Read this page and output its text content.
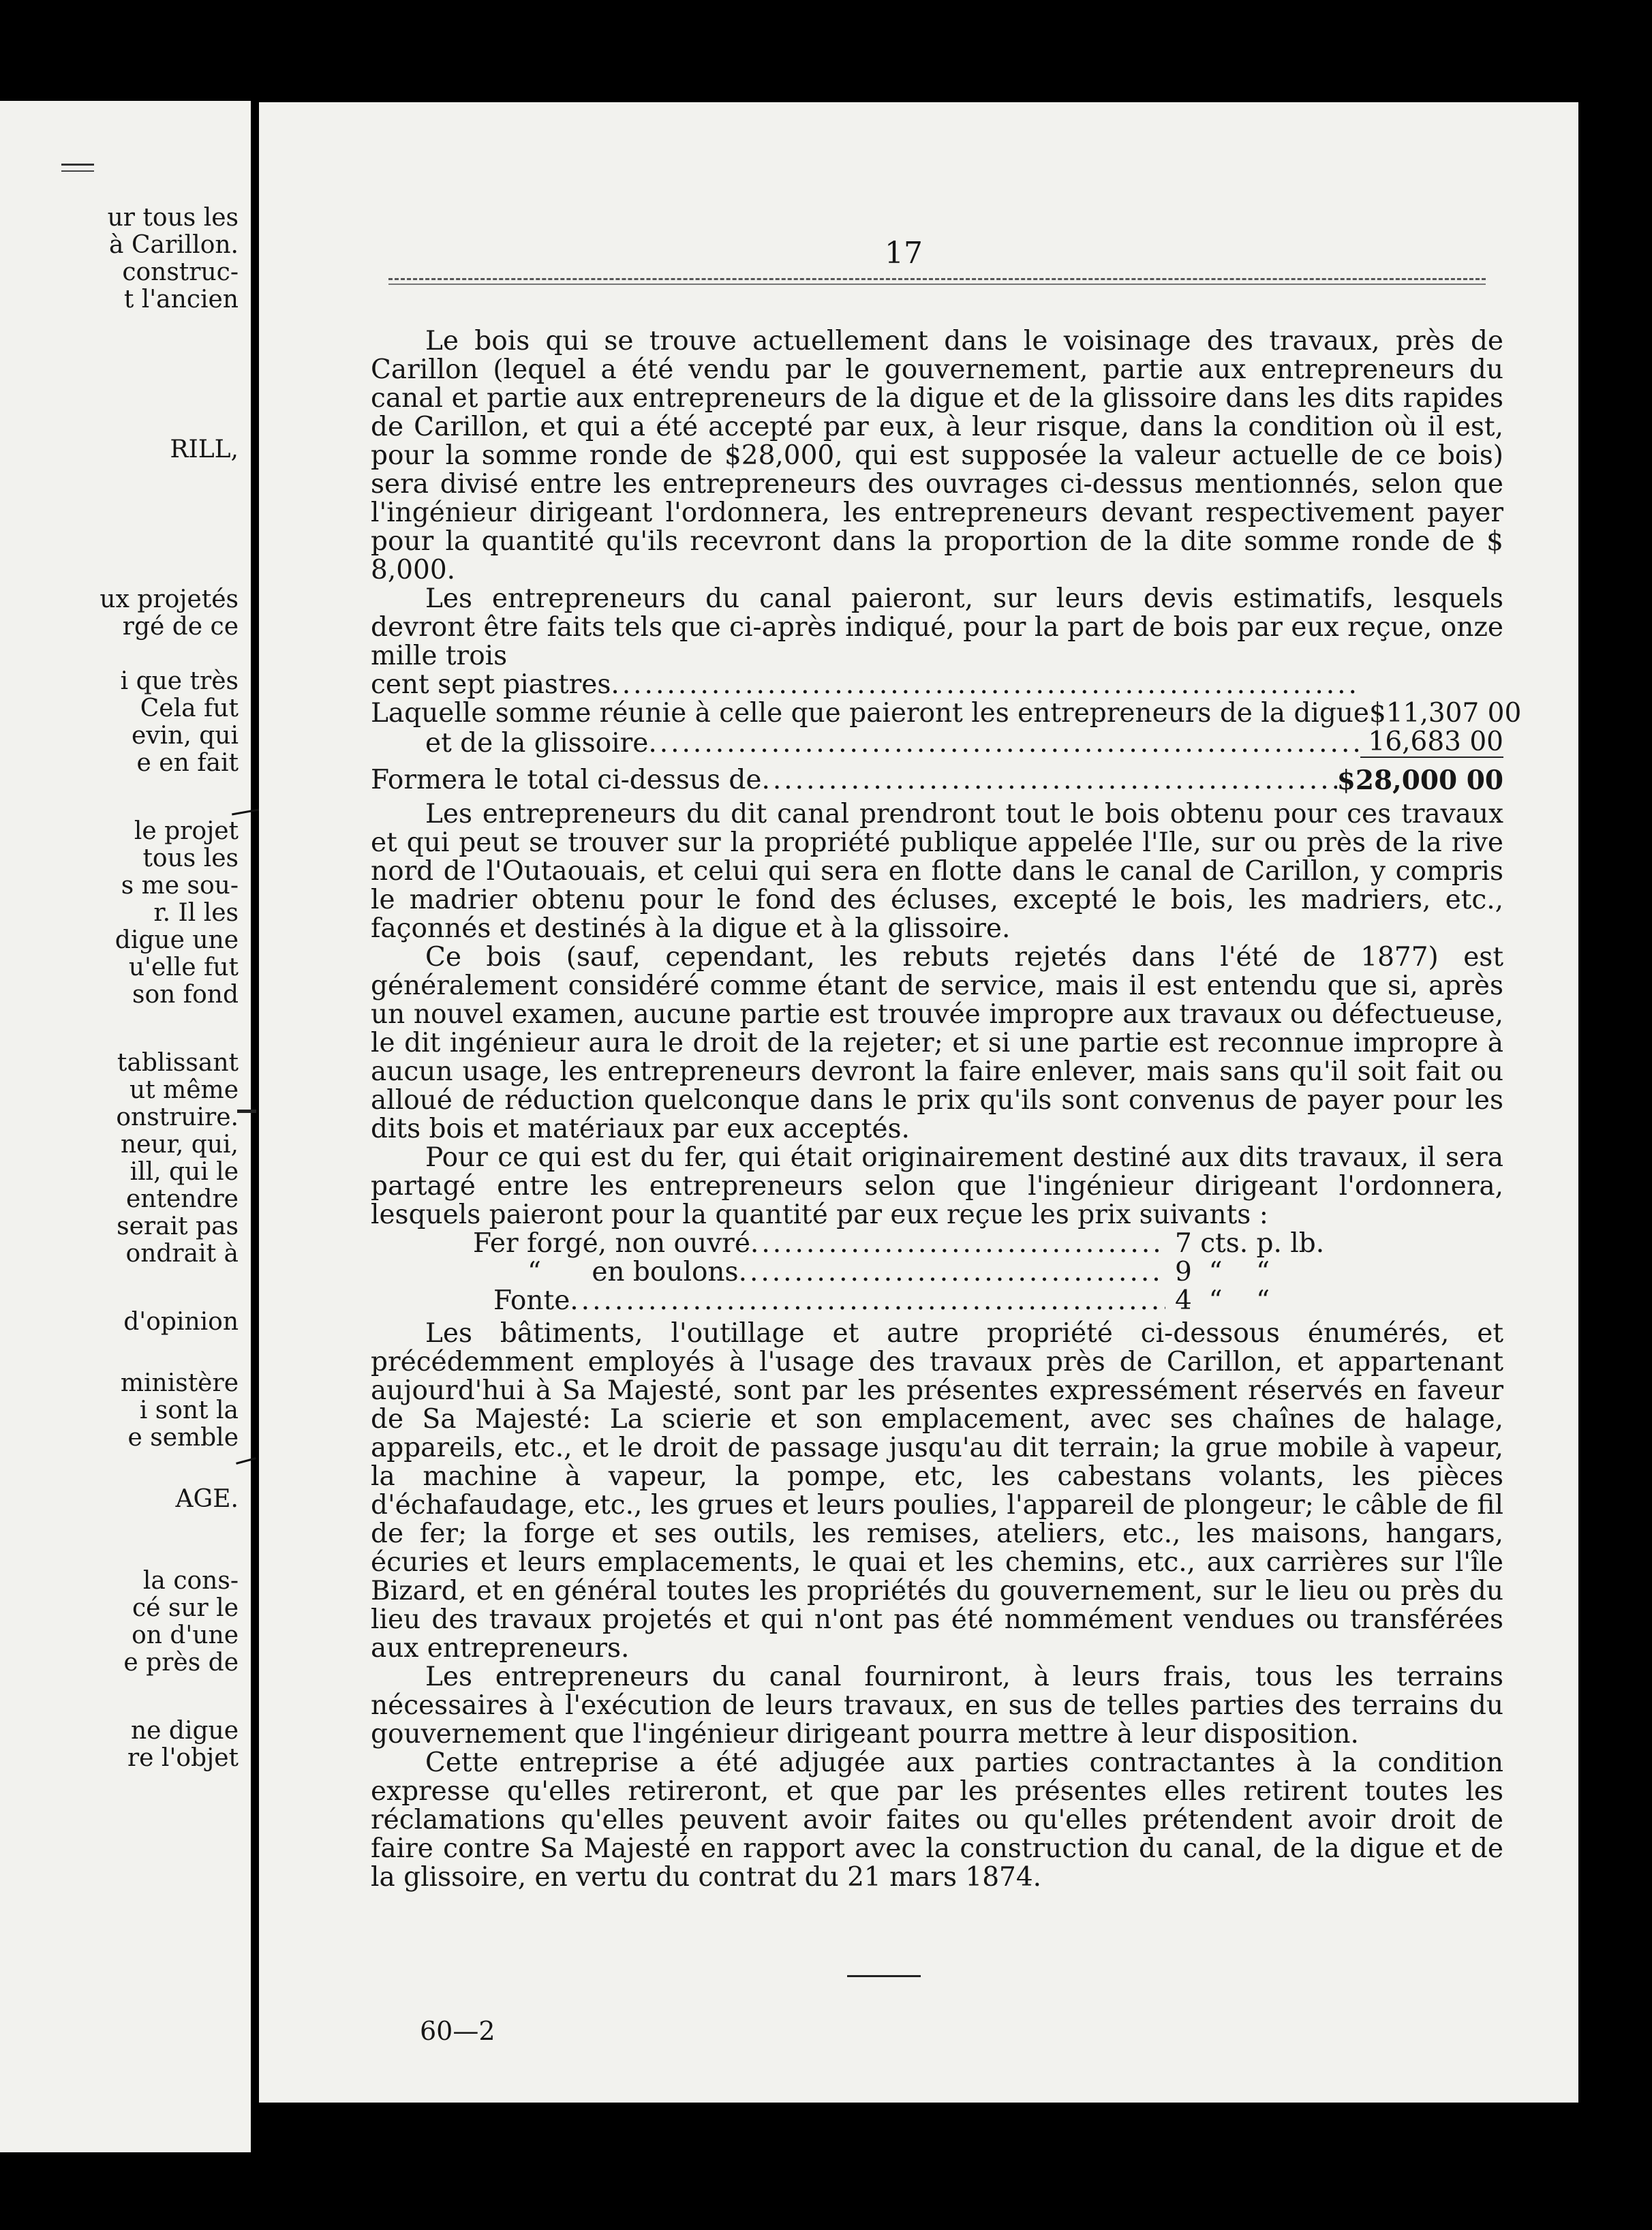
ur tous les
à Carillon.
construc-
t l'ancien
RILL,
ux projetés
rgé de ce
i que très
Cela fut
evin, qui
e en fait
le projet
tous les
s me sou-
r. Il les
digue une
u'elle fut
son fond
tablissant
ut même
onstruire.
neur, qui,
ill, qui le
entendre
serait pas
ondrait à
d'opinion
ministère
i sont la
e semble
AGE.
la cons-
cé sur le
on d'une
e près de
ne digue
re l'objet
17

Le bois qui se trouve actuellement dans le voisinage des travaux, près de Carillon (lequel a été vendu par le gouvernement, partie aux entrepreneurs du canal et partie aux entrepreneurs de la digue et de la glissoire dans les dits rapides de Carillon, et qui a été accepté par eux, à leur risque, dans la condition où il est, pour la somme ronde de $28,000, qui est supposée la valeur actuelle de ce bois) sera divisé entre les entrepreneurs des ouvrages ci-dessus mentionnés, selon que l'ingénieur dirigeant l'ordonnera, les entrepreneurs devant respectivement payer pour la quantité qu'ils recevront dans la proportion de la dite somme ronde de $ 8,000.

Les entrepreneurs du canal paieront, sur leurs devis estimatifs, lesquels devront être faits tels que ci-après indiqué, pour la part de bois par eux reçue, onze mille trois

cent sept piastres
.....
Laquelle somme réunie à celle que paieront les entrepreneurs de la digue $11,307 00
et de la glissoire .....	16,683 00
Formera le total ci-dessus de .....	$28,000 00

Les entrepreneurs du dit canal prendront tout le bois obtenu pour ces travaux et qui peut se trouver sur la propriété publique appelée l'Ile, sur ou près de la rive nord de l'Outaouais, et celui qui sera en flotte dans le canal de Carillon, y compris le madrier obtenu pour le fond des écluses, excepté le bois, les madriers, etc., façonnés et destinés à la digue et à la glissoire.

Ce bois (sauf, cependant, les rebuts rejetés dans l'été de 1877) est généralement considéré comme étant de service, mais il est entendu que si, après un nouvel examen, aucune partie est trouvée impropre aux travaux ou défectueuse, le dit ingénieur aura le droit de la rejeter; et si une partie est reconnue impropre à aucun usage, les entrepreneurs devront la faire enlever, mais sans qu'il soit fait ou alloué de réduction quelconque dans le prix qu'ils sont convenus de payer pour les dits bois et matériaux par eux acceptés.

Pour ce qui est du fer, qui était originairement destiné aux dits travaux, il sera partagé entre les entrepreneurs selon que l'ingénieur dirigeant l'ordonnera, lesquels paieront pour la quantité par eux reçue les prix suivants :

Fer forgé, non ouvré .....	7 cts. p. lb.
“      en boulons .....	9  “    “
Fonte .....	4  “    “

Les bâtiments, l'outillage et autre propriété ci-dessous énumérés, et précédemment employés à l'usage des travaux près de Carillon, et appartenant aujourd'hui à Sa Majesté, sont par les présentes expressément réservés en faveur de Sa Majesté: La scierie et son emplacement, avec ses chaînes de halage, appareils, etc., et le droit de passage jusqu'au dit terrain; la grue mobile à vapeur, la machine à vapeur, la pompe, etc, les cabestans volants, les pièces d'échafaudage, etc., les grues et leurs poulies, l'appareil de plongeur; le câble de fil de fer; la forge et ses outils, les remises, ateliers, etc., les maisons, hangars, écuries et leurs emplacements, le quai et les chemins, etc., aux carrières sur l'île Bizard, et en général toutes les propriétés du gouvernement, sur le lieu ou près du lieu des travaux projetés et qui n'ont pas été nommément vendues ou transférées aux entrepreneurs.

Les entrepreneurs du canal fourniront, à leurs frais, tous les terrains nécessaires à l'exécution de leurs travaux, en sus de telles parties des terrains du gouvernement que l'ingénieur dirigeant pourra mettre à leur disposition.

Cette entreprise a été adjugée aux parties contractantes à la condition expresse qu'elles retireront, et que par les présentes elles retirent toutes les réclamations qu'elles peuvent avoir faites ou qu'elles prétendent avoir droit de faire contre Sa Majesté en rapport avec la construction du canal, de la digue et de la glissoire, en vertu du contrat du 21 mars 1874.

60—2
